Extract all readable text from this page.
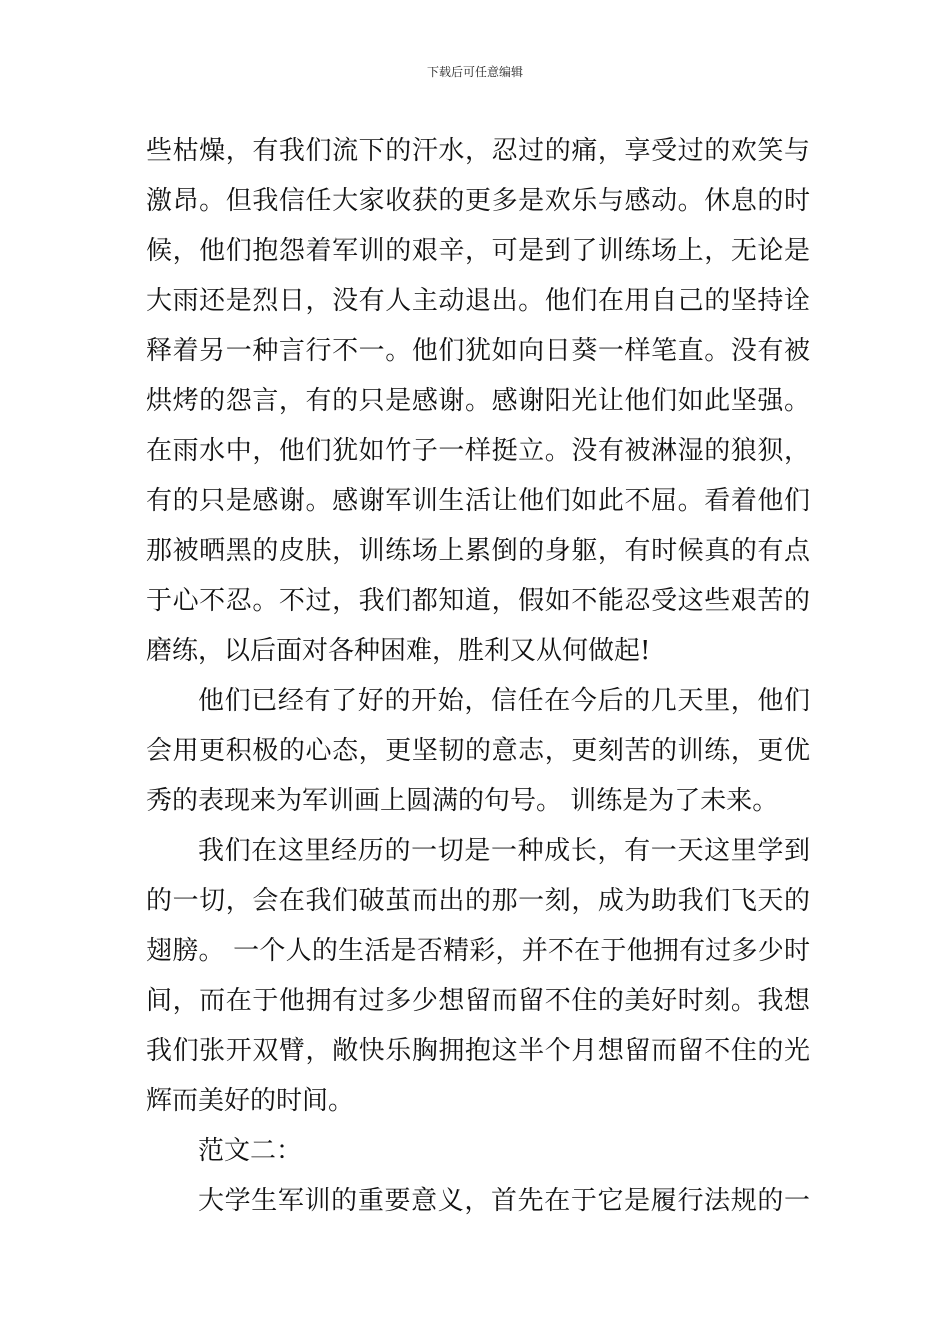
下载后可任意编辑
些枯燥，有我们流下的汗水，忍过的痛，享受过的欢笑与
激昂。但我信任大家收获的更多是欢乐与感动。休息的时
候，他们抱怨着军训的艰辛，可是到了训练场上，无论是
大雨还是烈日，没有人主动退出。他们在用自己的坚持诠
释着另一种言行不一。他们犹如向日葵一样笔直。没有被
烘烤的怨言，有的只是感谢。感谢阳光让他们如此坚强。
在雨水中，他们犹如竹子一样挺立。没有被淋湿的狼狈，
有的只是感谢。感谢军训生活让他们如此不屈。看着他们
那被晒黑的皮肤，训练场上累倒的身躯，有时候真的有点
于心不忍。不过，我们都知道，假如不能忍受这些艰苦的
磨练，以后面对各种困难，胜利又从何做起!
他们已经有了好的开始，信任在今后的几天里，他们
会用更积极的心态，更坚韧的意志，更刻苦的训练，更优
秀的表现来为军训画上圆满的句号。 训练是为了未来。
我们在这里经历的一切是一种成长，有一天这里学到
的一切，会在我们破茧而出的那一刻，成为助我们飞天的
翅膀。 一个人的生活是否精彩，并不在于他拥有过多少时
间，而在于他拥有过多少想留而留不住的美好时刻。我想
我们张开双臂，敞快乐胸拥抱这半个月想留而留不住的光
辉而美好的时间。
范文二：
大学生军训的重要意义，首先在于它是履行法规的一
